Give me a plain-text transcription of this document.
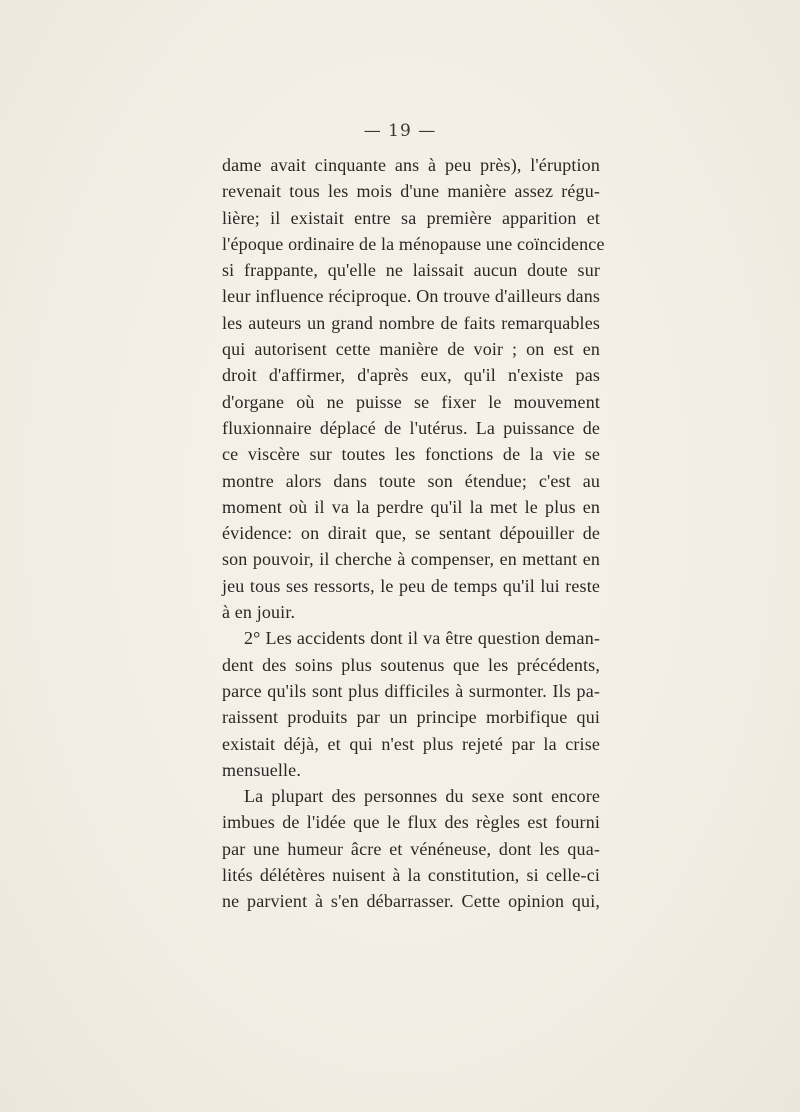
— 19 —
dame avait cinquante ans à peu près), l'éruption
revenait tous les mois d'une manière assez régu-
lière; il existait entre sa première apparition et
l'époque ordinaire de la ménopause une coïncidence
si frappante, qu'elle ne laissait aucun doute sur
leur influence réciproque. On trouve d'ailleurs dans
les auteurs un grand nombre de faits remarquables
qui autorisent cette manière de voir ; on est en
droit d'affirmer, d'après eux, qu'il n'existe pas
d'organe où ne puisse se fixer le mouvement
fluxionnaire déplacé de l'utérus. La puissance de
ce viscère sur toutes les fonctions de la vie se
montre alors dans toute son étendue; c'est au
moment où il va la perdre qu'il la met le plus en
évidence: on dirait que, se sentant dépouiller de
son pouvoir, il cherche à compenser, en mettant en
jeu tous ses ressorts, le peu de temps qu'il lui reste
à en jouir.
2° Les accidents dont il va être question deman-
dent des soins plus soutenus que les précédents,
parce qu'ils sont plus difficiles à surmonter. Ils pa-
raissent produits par un principe morbifique qui
existait déjà, et qui n'est plus rejeté par la crise
mensuelle.
La plupart des personnes du sexe sont encore
imbues de l'idée que le flux des règles est fourni
par une humeur âcre et vénéneuse, dont les qua-
lités délétères nuisent à la constitution, si celle-ci
ne parvient à s'en débarrasser. Cette opinion qui,
